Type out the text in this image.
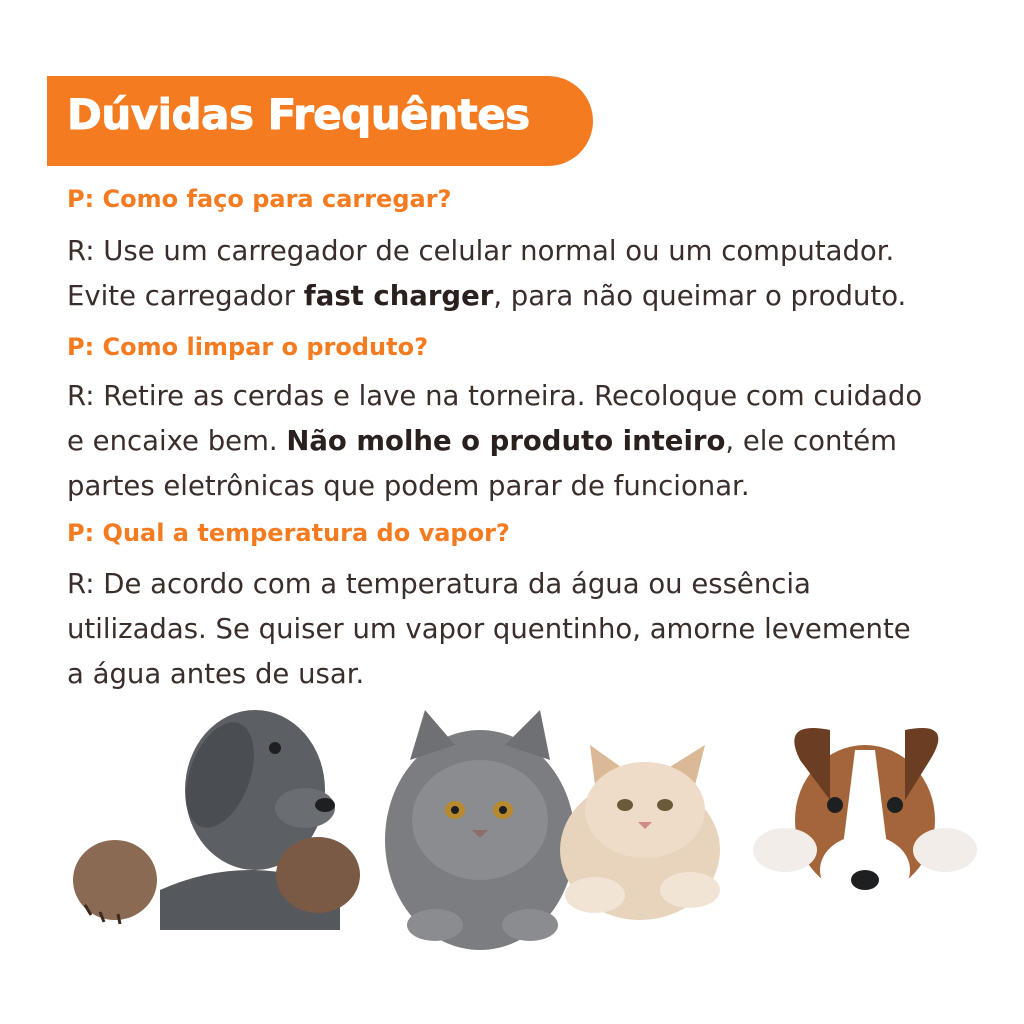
Dúvidas Frequêntes
P: Como faço para carregar?
R: Use um carregador de celular normal ou um computador.
Evite carregador fast charger, para não queimar o produto.
P: Como limpar o produto?
R: Retire as cerdas e lave na torneira. Recoloque com cuidado
e encaixe bem. Não molhe o produto inteiro, ele contém
partes eletrônicas que podem parar de funcionar.
P: Qual a temperatura do vapor?
R: De acordo com a temperatura da água ou essência
utilizadas. Se quiser um vapor quentinho, amorne levemente
a água antes de usar.
